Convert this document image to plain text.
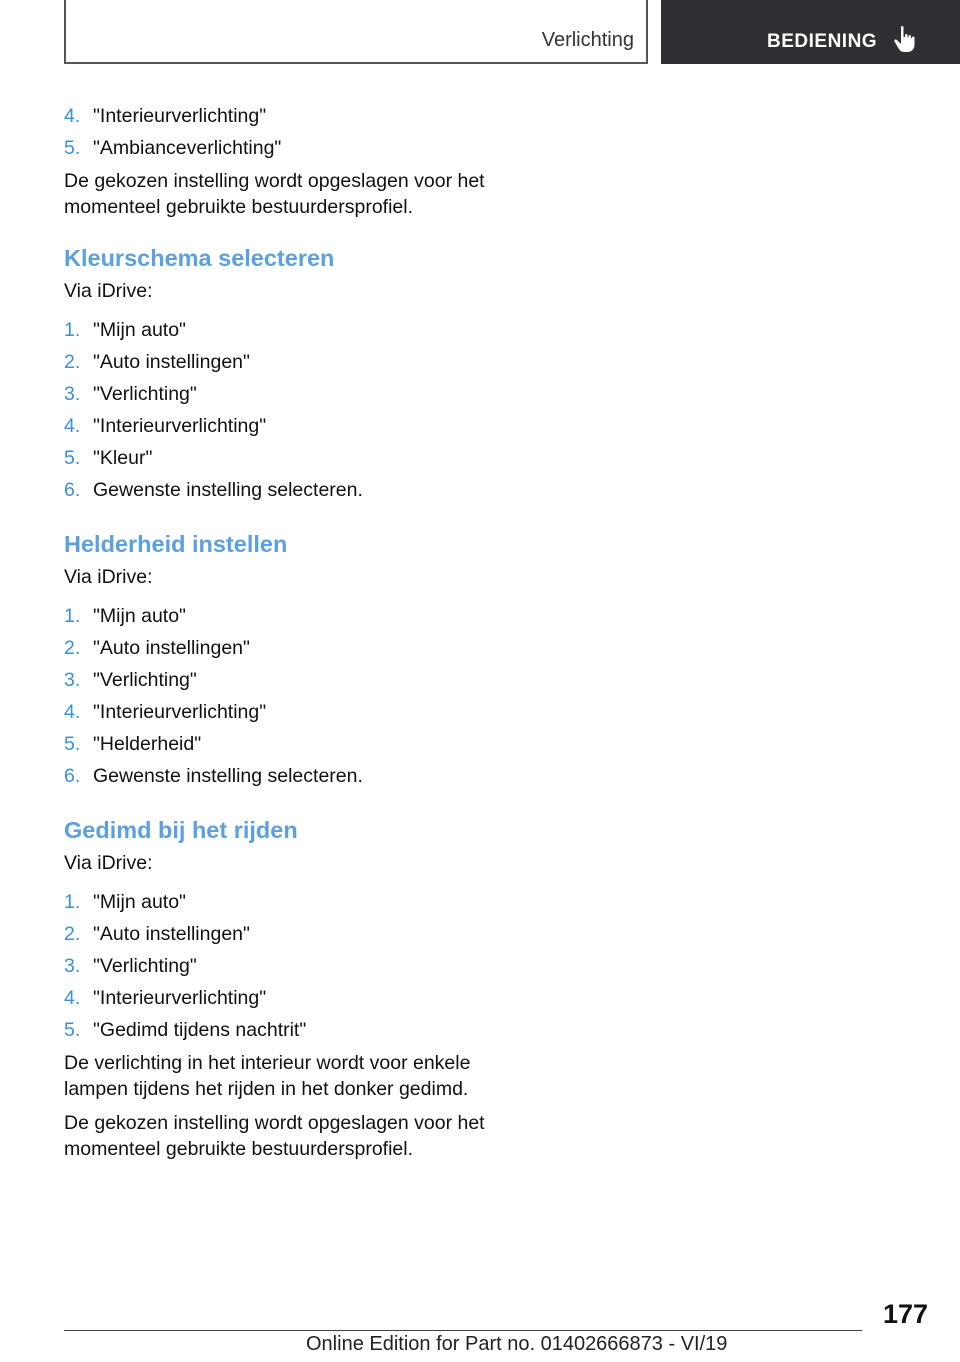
Verlichting	BEDIENING
4. "Interieurverlichting"
5. "Ambianceverlichting"

De gekozen instelling wordt opgeslagen voor het momenteel gebruikte bestuurdersprofiel.

Kleurschema selecteren

Via iDrive:

1. "Mijn auto"
2. "Auto instellingen"
3. "Verlichting"
4. "Interieurverlichting"
5. "Kleur"
6. Gewenste instelling selecteren.
Helderheid instellen

Via iDrive:

1. "Mijn auto"
2. "Auto instellingen"
3. "Verlichting"
4. "Interieurverlichting"
5. "Helderheid"
6. Gewenste instelling selecteren.
Gedimd bij het rijden

Via iDrive:

1. "Mijn auto"
2. "Auto instellingen"
3. "Verlichting"
4. "Interieurverlichting"
5. "Gedimd tijdens nachtrit"

De verlichting in het interieur wordt voor enkele lampen tijdens het rijden in het donker gedimd.

De gekozen instelling wordt opgeslagen voor het momenteel gebruikte bestuurdersprofiel.

177
Online Edition for Part no. 01402666873 - VI/19
